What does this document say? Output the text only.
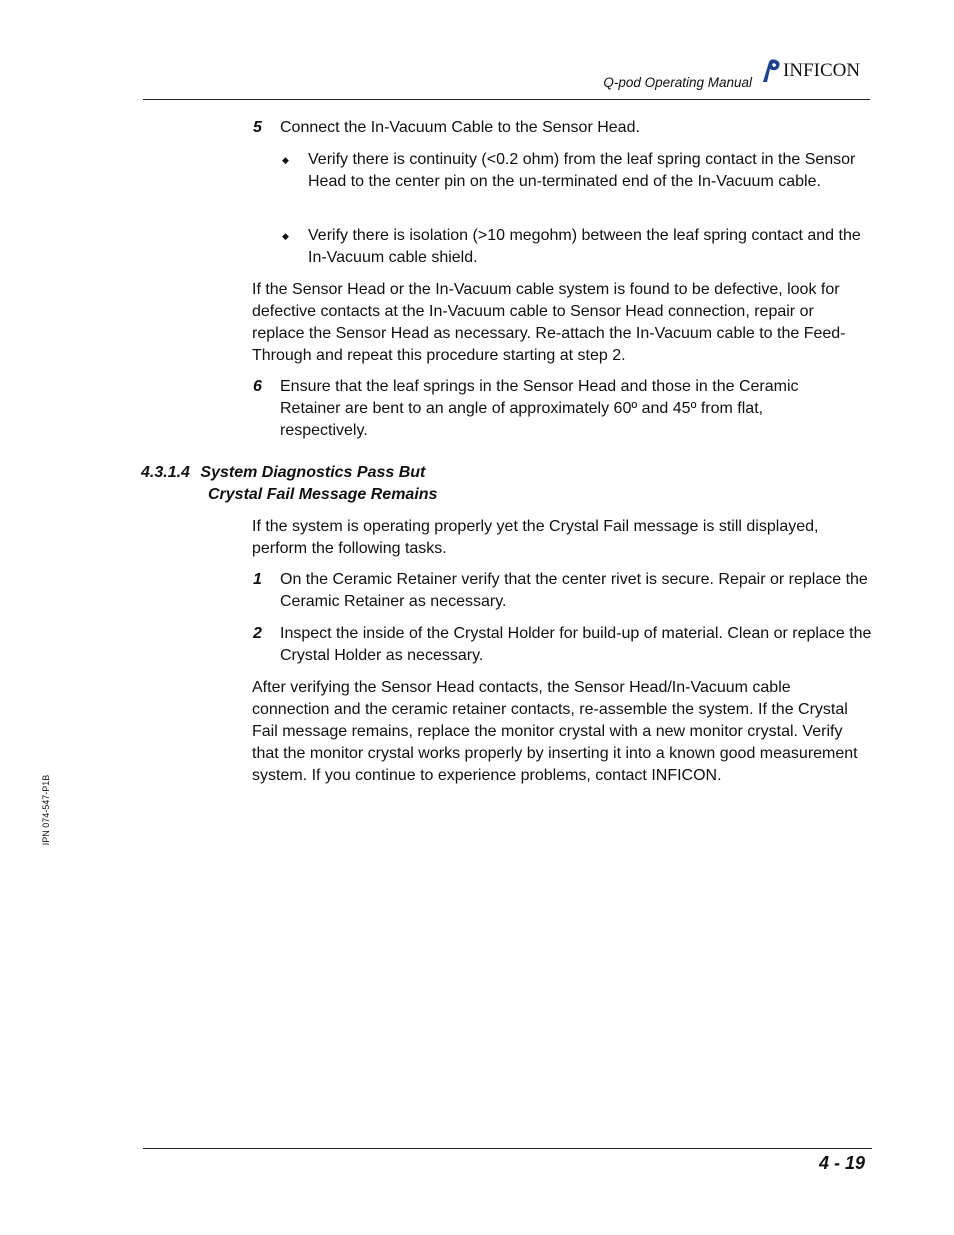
Q-pod Operating Manual
INFICON
5 Connect the In-Vacuum Cable to the Sensor Head.
◆ Verify there is continuity (<0.2 ohm) from the leaf spring contact in the Sensor Head to the center pin on the un-terminated end of the In-Vacuum cable.
◆ Verify there is isolation (>10 megohm) between the leaf spring contact and the In-Vacuum cable shield.
If the Sensor Head or the In-Vacuum cable system is found to be defective, look for defective contacts at the In-Vacuum cable to Sensor Head connection, repair or replace the Sensor Head as necessary. Re-attach the In-Vacuum cable to the Feed-Through and repeat this procedure starting at step 2.
6 Ensure that the leaf springs in the Sensor Head and those in the Ceramic Retainer are bent to an angle of approximately 60º and 45º from flat, respectively.
4.3.1.4 System Diagnostics Pass But
Crystal Fail Message Remains
If the system is operating properly yet the Crystal Fail message is still displayed, perform the following tasks.
1 On the Ceramic Retainer verify that the center rivet is secure. Repair or replace the Ceramic Retainer as necessary.
2 Inspect the inside of the Crystal Holder for build-up of material. Clean or replace the Crystal Holder as necessary.
After verifying the Sensor Head contacts, the Sensor Head/In-Vacuum cable connection and the ceramic retainer contacts, re-assemble the system. If the Crystal Fail message remains, replace the monitor crystal with a new monitor crystal. Verify that the monitor crystal works properly by inserting it into a known good measurement system. If you continue to experience problems, contact INFICON.
IPN 074-547-P1B
4 - 19
